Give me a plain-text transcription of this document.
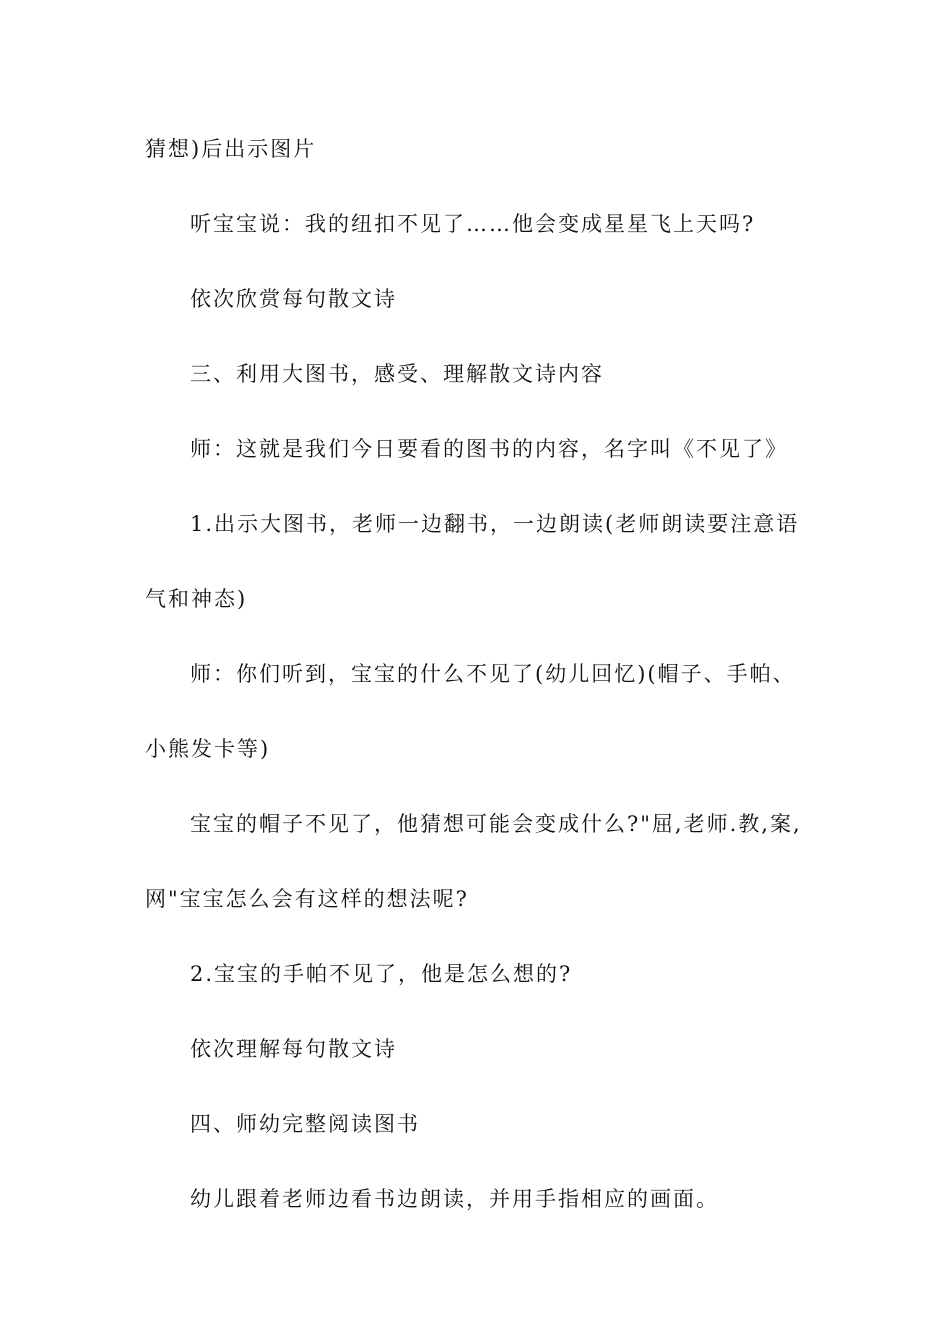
猜想)后出示图片

听宝宝说：我的纽扣不见了……他会变成星星飞上天吗?

依次欣赏每句散文诗

三、利用大图书，感受、理解散文诗内容

师：这就是我们今日要看的图书的内容，名字叫《不见了》

1.出示大图书，老师一边翻书，一边朗读(老师朗读要注意语气和神态)

师：你们听到，宝宝的什么不见了(幼儿回忆)(帽子、手帕、小熊发卡等)

宝宝的帽子不见了，他猜想可能会变成什么?"屈,老师.教,案,网"宝宝怎么会有这样的想法呢?

2.宝宝的手帕不见了，他是怎么想的?

依次理解每句散文诗

四、师幼完整阅读图书

幼儿跟着老师边看书边朗读，并用手指相应的画面。
